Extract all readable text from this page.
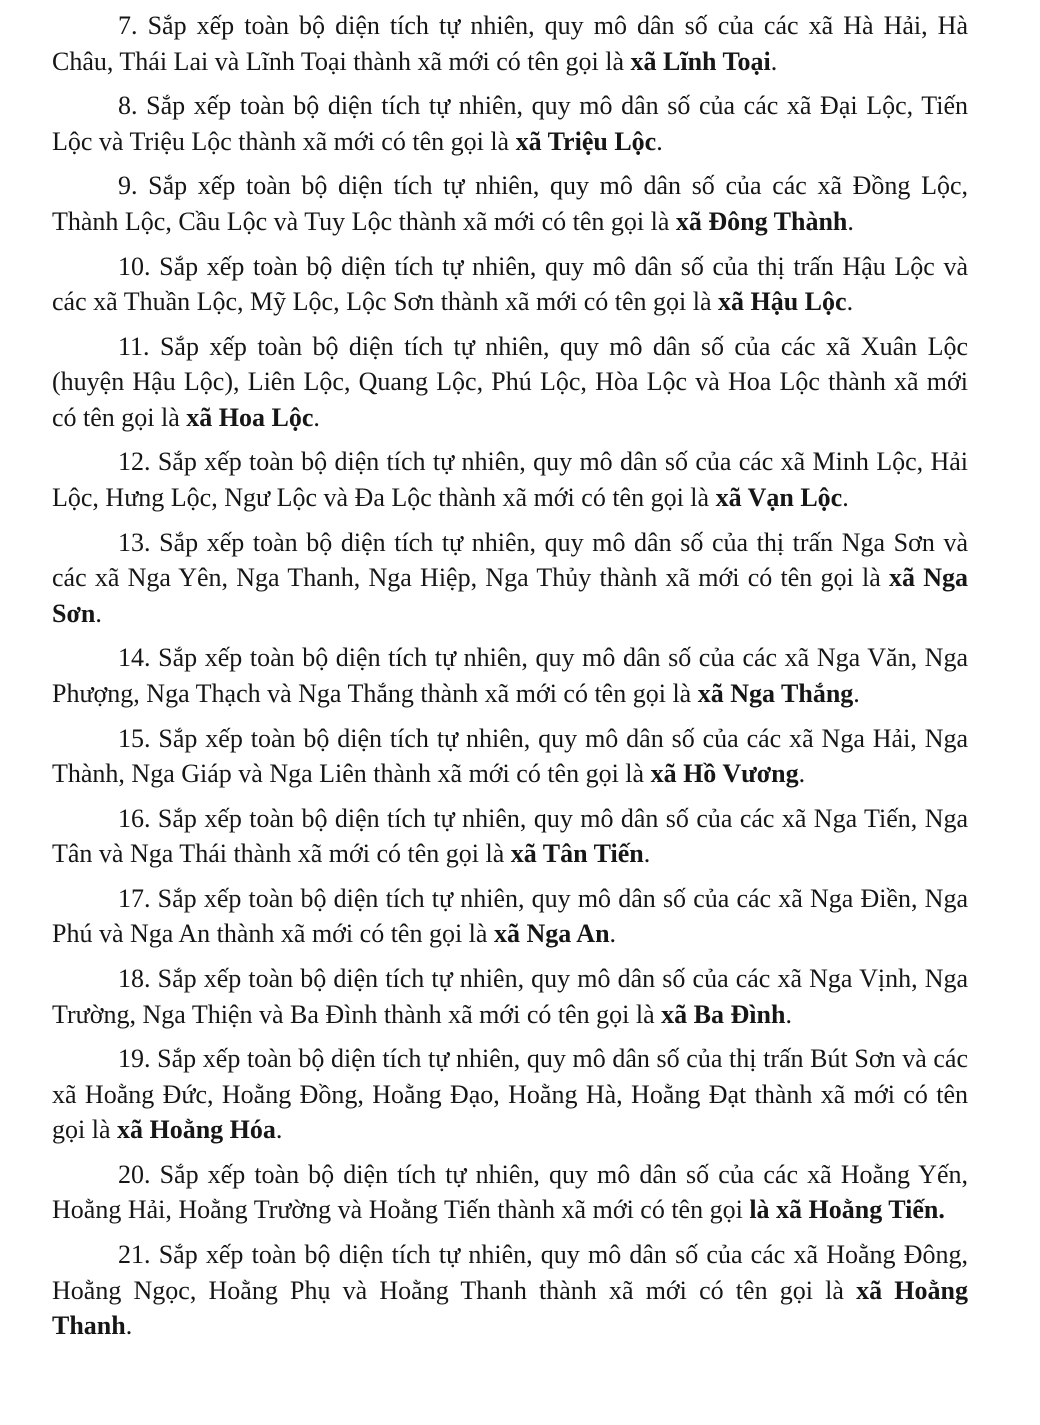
7. Sắp xếp toàn bộ diện tích tự nhiên, quy mô dân số của các xã Hà Hải, Hà Châu, Thái Lai và Lĩnh Toại thành xã mới có tên gọi là xã Lĩnh Toại.

8. Sắp xếp toàn bộ diện tích tự nhiên, quy mô dân số của các xã Đại Lộc, Tiến Lộc và Triệu Lộc thành xã mới có tên gọi là xã Triệu Lộc.

9. Sắp xếp toàn bộ diện tích tự nhiên, quy mô dân số của các xã Đồng Lộc, Thành Lộc, Cầu Lộc và Tuy Lộc thành xã mới có tên gọi là xã Đông Thành.

10. Sắp xếp toàn bộ diện tích tự nhiên, quy mô dân số của thị trấn Hậu Lộc và các xã Thuần Lộc, Mỹ Lộc, Lộc Sơn thành xã mới có tên gọi là xã Hậu Lộc.

11. Sắp xếp toàn bộ diện tích tự nhiên, quy mô dân số của các xã Xuân Lộc (huyện Hậu Lộc), Liên Lộc, Quang Lộc, Phú Lộc, Hòa Lộc và Hoa Lộc thành xã mới có tên gọi là xã Hoa Lộc.

12. Sắp xếp toàn bộ diện tích tự nhiên, quy mô dân số của các xã Minh Lộc, Hải Lộc, Hưng Lộc, Ngư Lộc và Đa Lộc thành xã mới có tên gọi là xã Vạn Lộc.

13. Sắp xếp toàn bộ diện tích tự nhiên, quy mô dân số của thị trấn Nga Sơn và các xã Nga Yên, Nga Thanh, Nga Hiệp, Nga Thủy thành xã mới có tên gọi là xã Nga Sơn.

14. Sắp xếp toàn bộ diện tích tự nhiên, quy mô dân số của các xã Nga Văn, Nga Phượng, Nga Thạch và Nga Thắng thành xã mới có tên gọi là xã Nga Thắng.

15. Sắp xếp toàn bộ diện tích tự nhiên, quy mô dân số của các xã Nga Hải, Nga Thành, Nga Giáp và Nga Liên thành xã mới có tên gọi là xã Hồ Vương.

16. Sắp xếp toàn bộ diện tích tự nhiên, quy mô dân số của các xã Nga Tiến, Nga Tân và Nga Thái thành xã mới có tên gọi là xã Tân Tiến.

17. Sắp xếp toàn bộ diện tích tự nhiên, quy mô dân số của các xã Nga Điền, Nga Phú và Nga An thành xã mới có tên gọi là xã Nga An.

18. Sắp xếp toàn bộ diện tích tự nhiên, quy mô dân số của các xã Nga Vịnh, Nga Trường, Nga Thiện và Ba Đình thành xã mới có tên gọi là xã Ba Đình.

19. Sắp xếp toàn bộ diện tích tự nhiên, quy mô dân số của thị trấn Bút Sơn và các xã Hoằng Đức, Hoằng Đồng, Hoằng Đạo, Hoằng Hà, Hoằng Đạt thành xã mới có tên gọi là xã Hoằng Hóa.

20. Sắp xếp toàn bộ diện tích tự nhiên, quy mô dân số của các xã Hoằng Yến, Hoằng Hải, Hoằng Trường và Hoằng Tiến thành xã mới có tên gọi là xã Hoằng Tiến.

21. Sắp xếp toàn bộ diện tích tự nhiên, quy mô dân số của các xã Hoằng Đông, Hoằng Ngọc, Hoằng Phụ và Hoằng Thanh thành xã mới có tên gọi là xã Hoằng Thanh.
